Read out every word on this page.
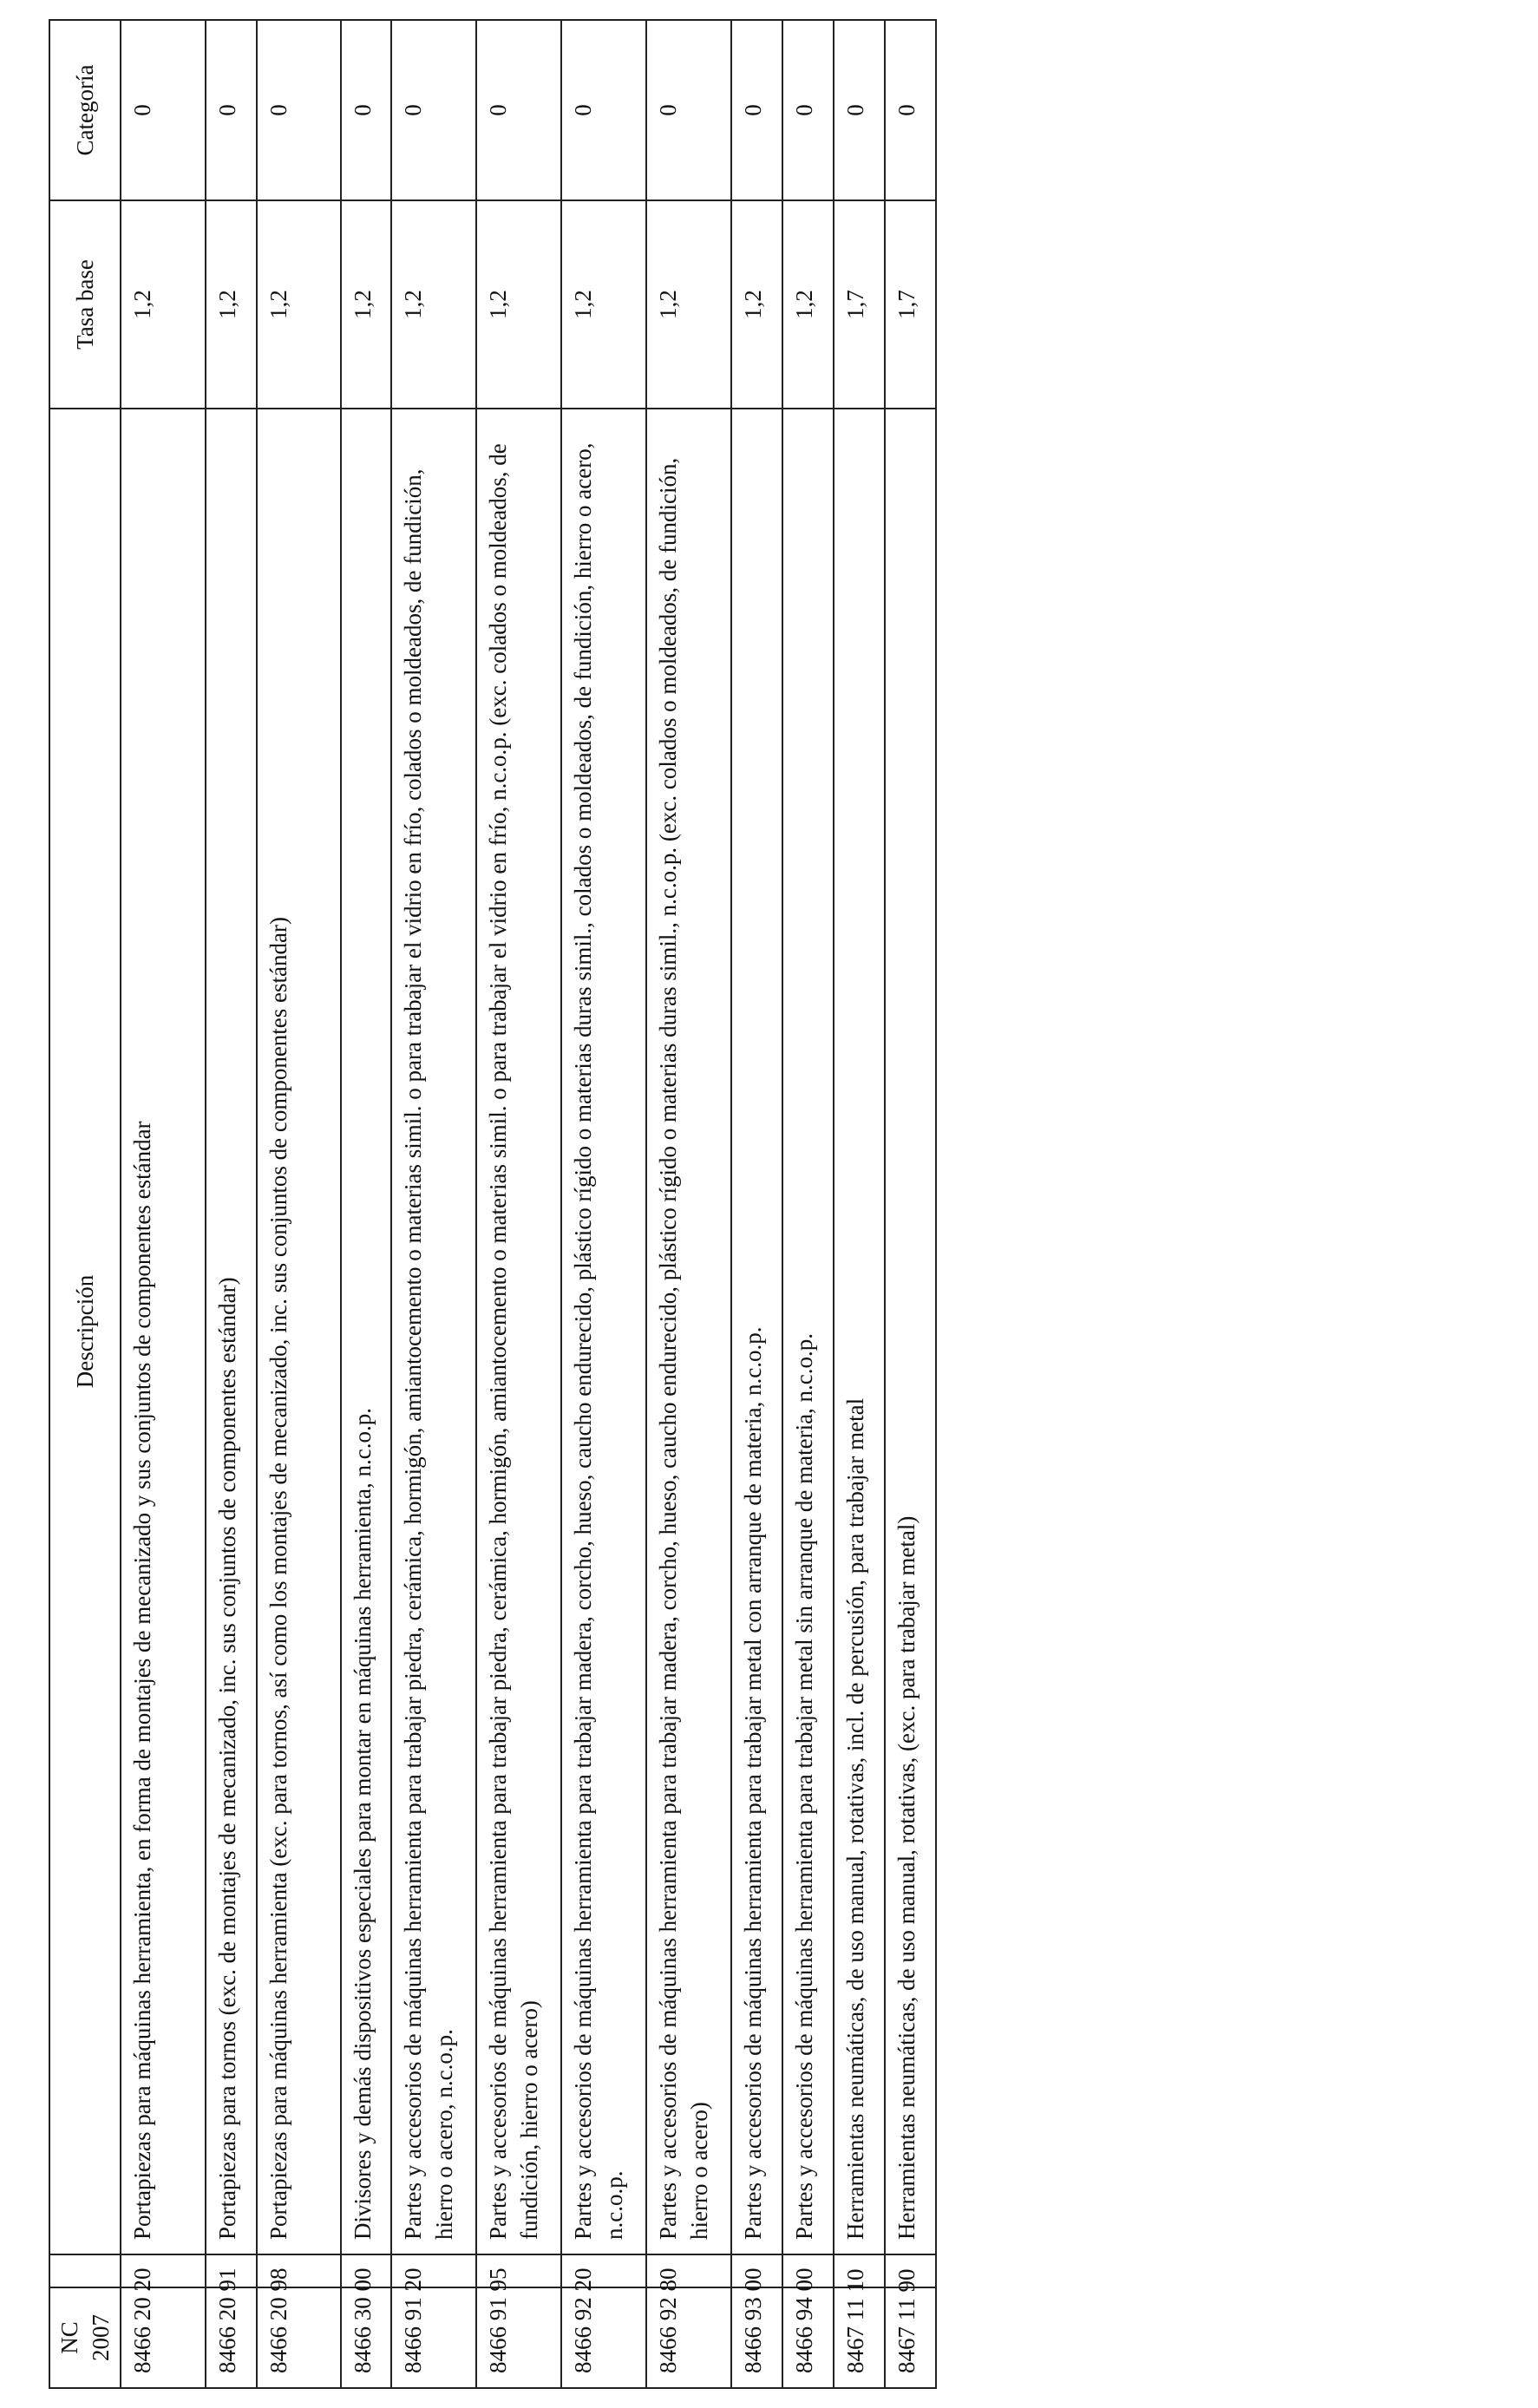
NC 2007		Descripción	Tasa base	Categoría
8466 20 20		Portapiezas para máquinas herramienta, en forma de montajes de mecanizado y sus conjuntos de componentes estándar	1,2	0
8466 20 91		Portapiezas para tornos (exc. de montajes de mecanizado, inc. sus conjuntos de componentes estándar)	1,2	0
8466 20 98		Portapiezas para máquinas herramienta (exc. para tornos, así como los montajes de mecanizado, inc. sus conjuntos de componentes estándar)	1,2	0
8466 30 00		Divisores y demás dispositivos especiales para montar en máquinas herramienta, n.c.o.p.	1,2	0
8466 91 20		Partes y accesorios de máquinas herramienta para trabajar piedra, cerámica, hormigón, amiantocemento o materias simil. o para trabajar el vidrio en frío, colados o moldeados, de fundición, hierro o acero, n.c.o.p.	1,2	0
8466 91 95		Partes y accesorios de máquinas herramienta para trabajar piedra, cerámica, hormigón, amiantocemento o materias simil. o para trabajar el vidrio en frío, n.c.o.p. (exc. colados o moldeados, de fundición, hierro o acero)	1,2	0
8466 92 20		Partes y accesorios de máquinas herramienta para trabajar madera, corcho, hueso, caucho endurecido, plástico rígido o materias duras simil., colados o moldeados, de fundición, hierro o acero, n.c.o.p.	1,2	0
8466 92 80		Partes y accesorios de máquinas herramienta para trabajar madera, corcho, hueso, caucho endurecido, plástico rígido o materias duras simil., n.c.o.p. (exc. colados o moldeados, de fundición, hierro o acero)	1,2	0
8466 93 00		Partes y accesorios de máquinas herramienta para trabajar metal con arranque de materia, n.c.o.p.	1,2	0
8466 94 00		Partes y accesorios de máquinas herramienta para trabajar metal sin arranque de materia, n.c.o.p.	1,2	0
8467 11 10		Herramientas neumáticas, de uso manual, rotativas, incl. de percusión, para trabajar metal	1,7	0
8467 11 90		Herramientas neumáticas, de uso manual, rotativas, (exc. para trabajar metal)	1,7	0
